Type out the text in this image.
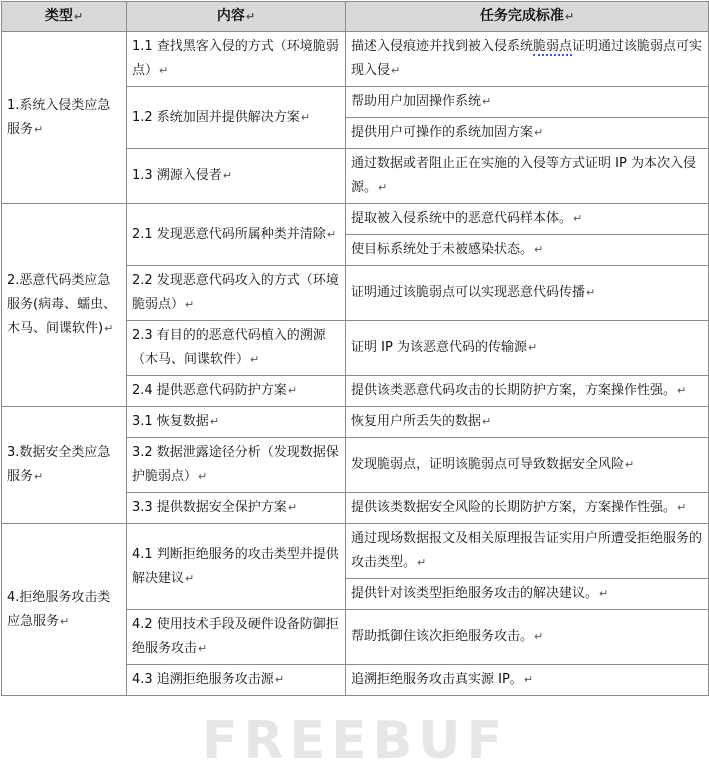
类型↵	内容↵	任务完成标准↵
1.系统入侵类应急服务↵	1.1 查找黑客入侵的方式（环境脆弱点）↵	描述入侵痕迹并找到被入侵系统脆弱点证明通过该脆弱点可实现入侵↵
	1.2 系统加固并提供解决方案↵	帮助用户加固操作系统↵
		提供用户可操作的系统加固方案↵
	1.3 溯源入侵者↵	通过数据或者阻止正在实施的入侵等方式证明 IP 为本次入侵源。↵
2.恶意代码类应急服务(病毒、蠕虫、木马、间谍软件)↵	2.1 发现恶意代码所属种类并清除↵	提取被入侵系统中的恶意代码样本体。↵
		使目标系统处于未被感染状态。↵
	2.2 发现恶意代码攻入的方式（环境脆弱点）↵	证明通过该脆弱点可以实现恶意代码传播↵
	2.3 有目的的恶意代码植入的溯源（木马、间谍软件）↵	证明 IP 为该恶意代码的传输源↵
	2.4 提供恶意代码防护方案↵	提供该类恶意代码攻击的长期防护方案，方案操作性强。↵
3.数据安全类应急服务↵	3.1 恢复数据↵	恢复用户所丢失的数据↵
	3.2 数据泄露途径分析（发现数据保护脆弱点）↵	发现脆弱点，证明该脆弱点可导致数据安全风险↵
	3.3 提供数据安全保护方案↵	提供该类数据安全风险的长期防护方案，方案操作性强。↵
4.拒绝服务攻击类应急服务↵	4.1 判断拒绝服务的攻击类型并提供解决建议↵	通过现场数据报文及相关原理报告证实用户所遭受拒绝服务的攻击类型。↵
		提供针对该类型拒绝服务攻击的解决建议。↵
	4.2 使用技术手段及硬件设备防御拒绝服务攻击↵	帮助抵御住该次拒绝服务攻击。↵
	4.3 追溯拒绝服务攻击源↵	追溯拒绝服务攻击真实源 IP。↵
FREEBUF
